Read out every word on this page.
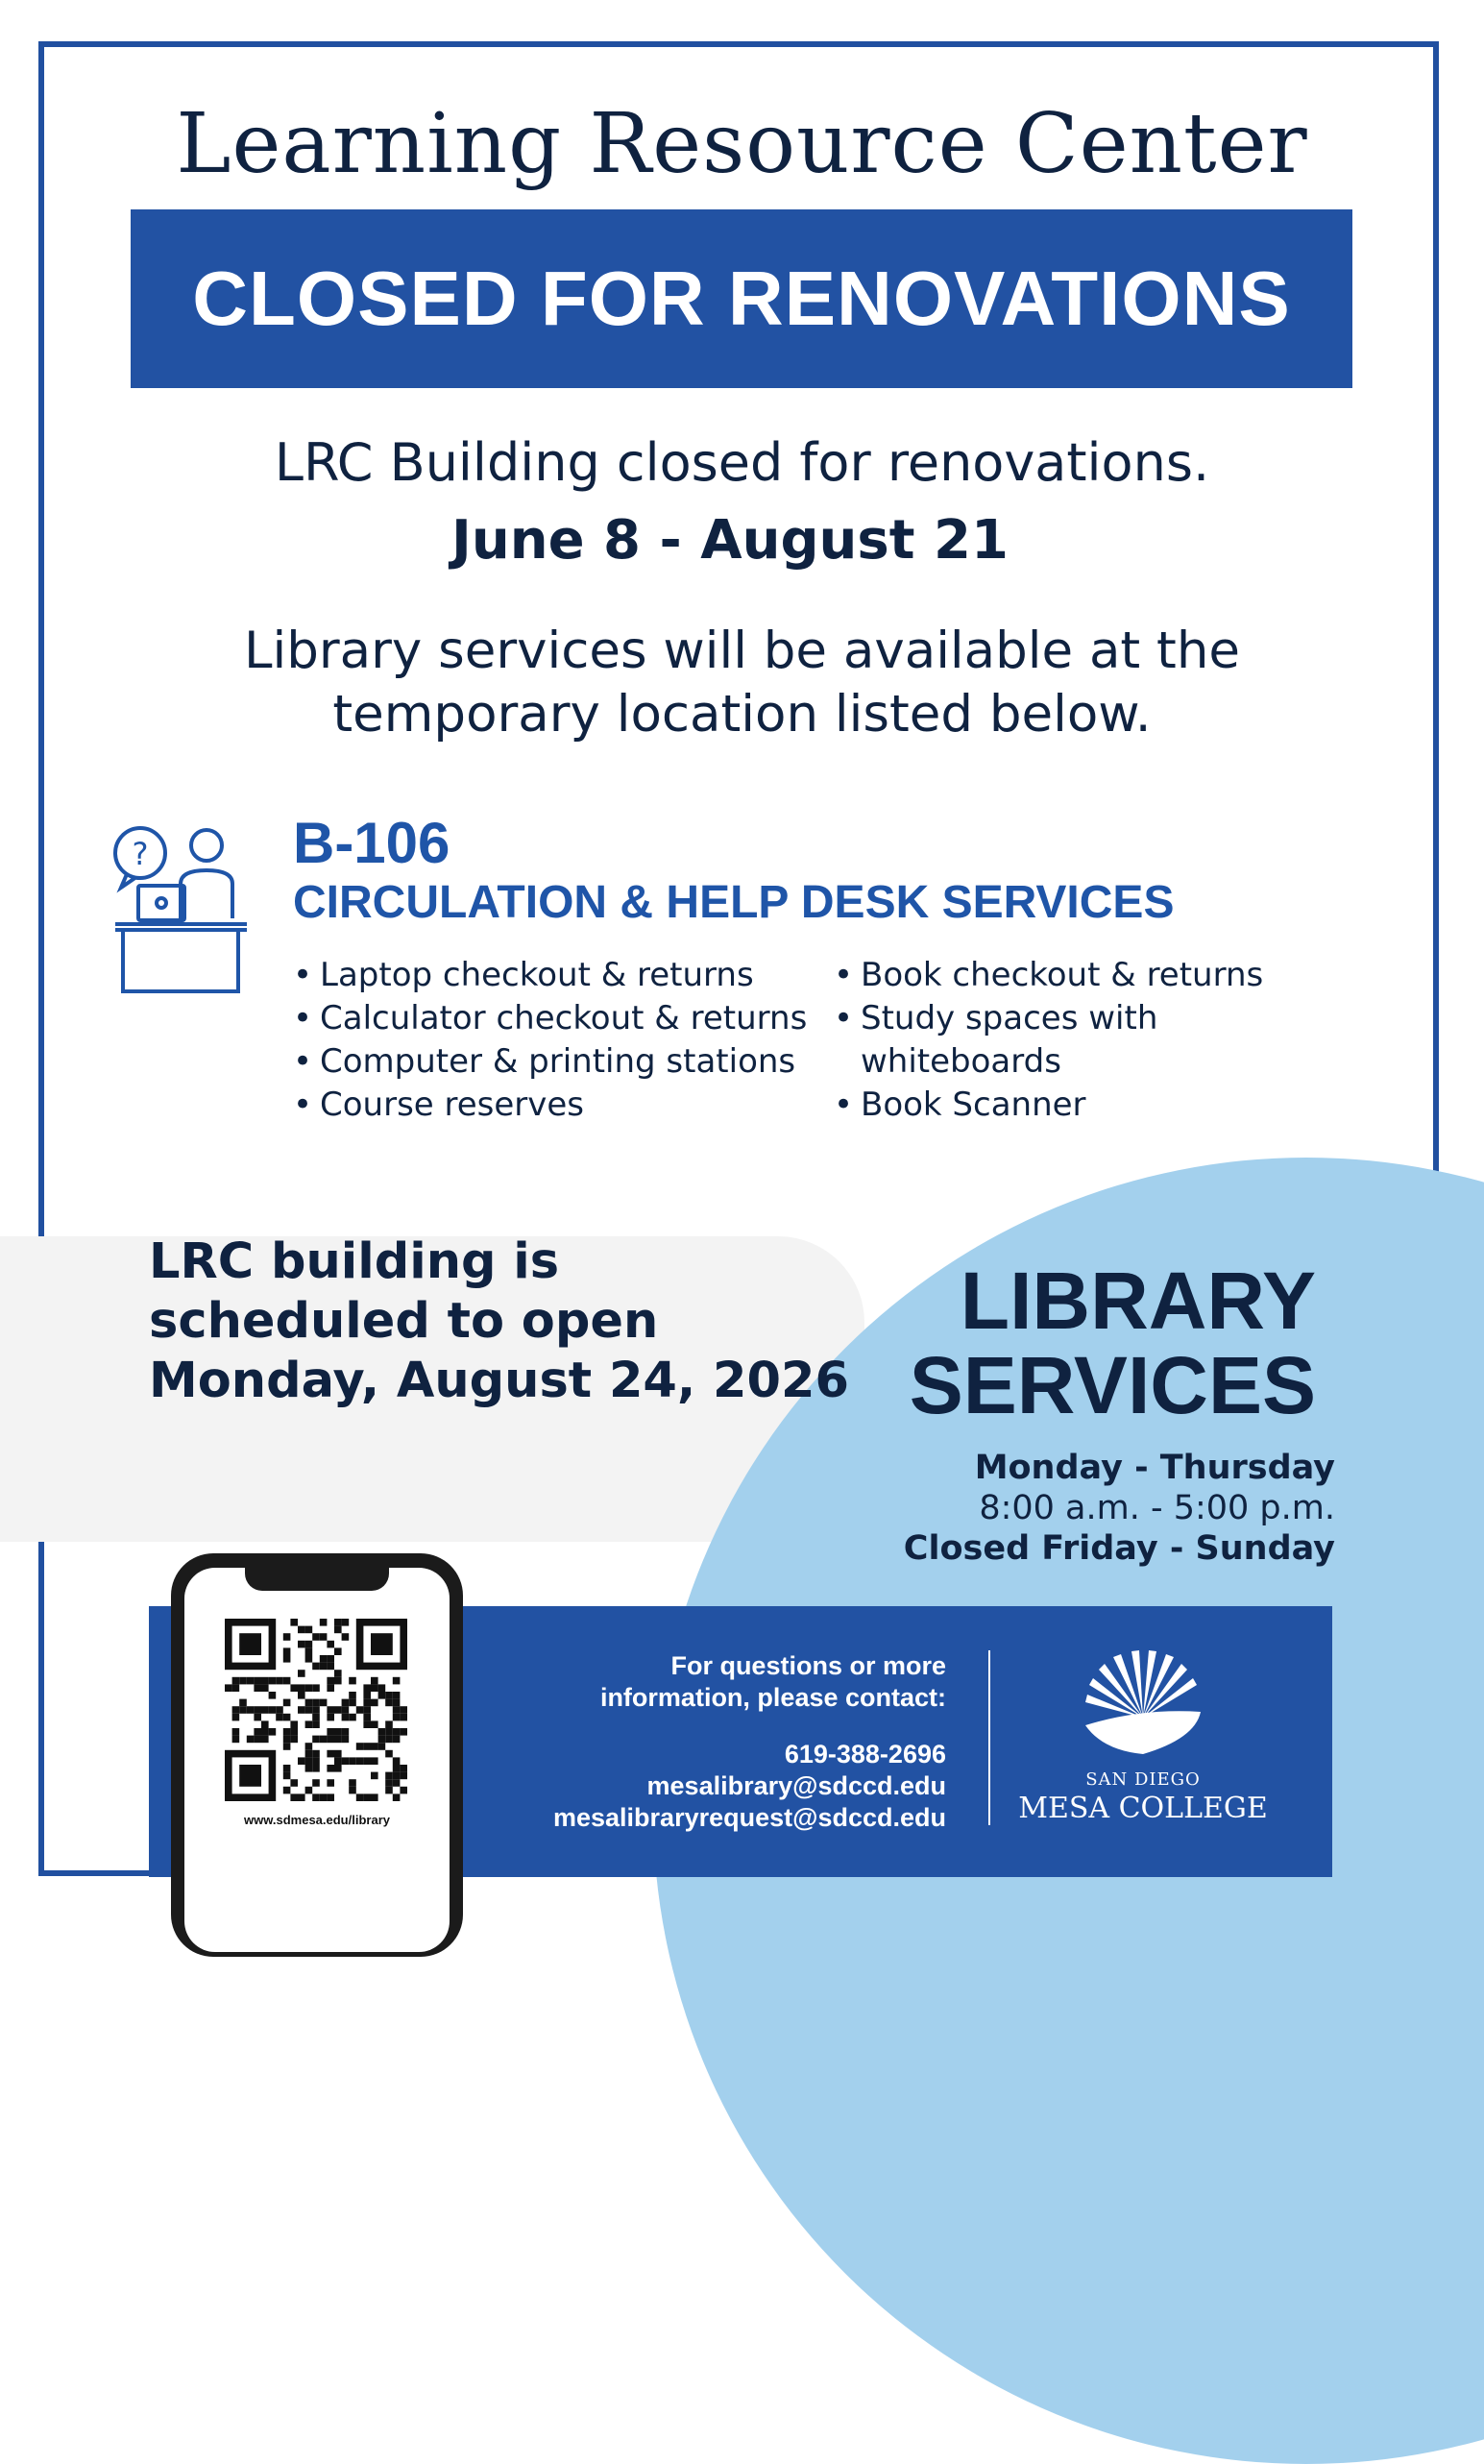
Learning Resource Center
CLOSED FOR RENOVATIONS
LRC Building closed for renovations.
June 8 - August 21
Library services will be available at the
temporary location listed below.
?	B-106
CIRCULATION & HELP DESK SERVICES
• Laptop checkout & returns
• Calculator checkout & returns
• Computer & printing stations
• Course reserves
• Book checkout & returns
• Study spaces with
whiteboards
• Book Scanner
LRC building is
scheduled to open
Monday, August 24, 2026
LIBRARY
SERVICES
Monday - Thursday
8:00 a.m. - 5:00 p.m.
Closed Friday - Sunday
For questions or more
information, please contact:
619-388-2696
mesalibrary@sdccd.edu
mesalibraryrequest@sdccd.edu
SAN DIEGO
MESA COLLEGE
www.sdmesa.edu/library
